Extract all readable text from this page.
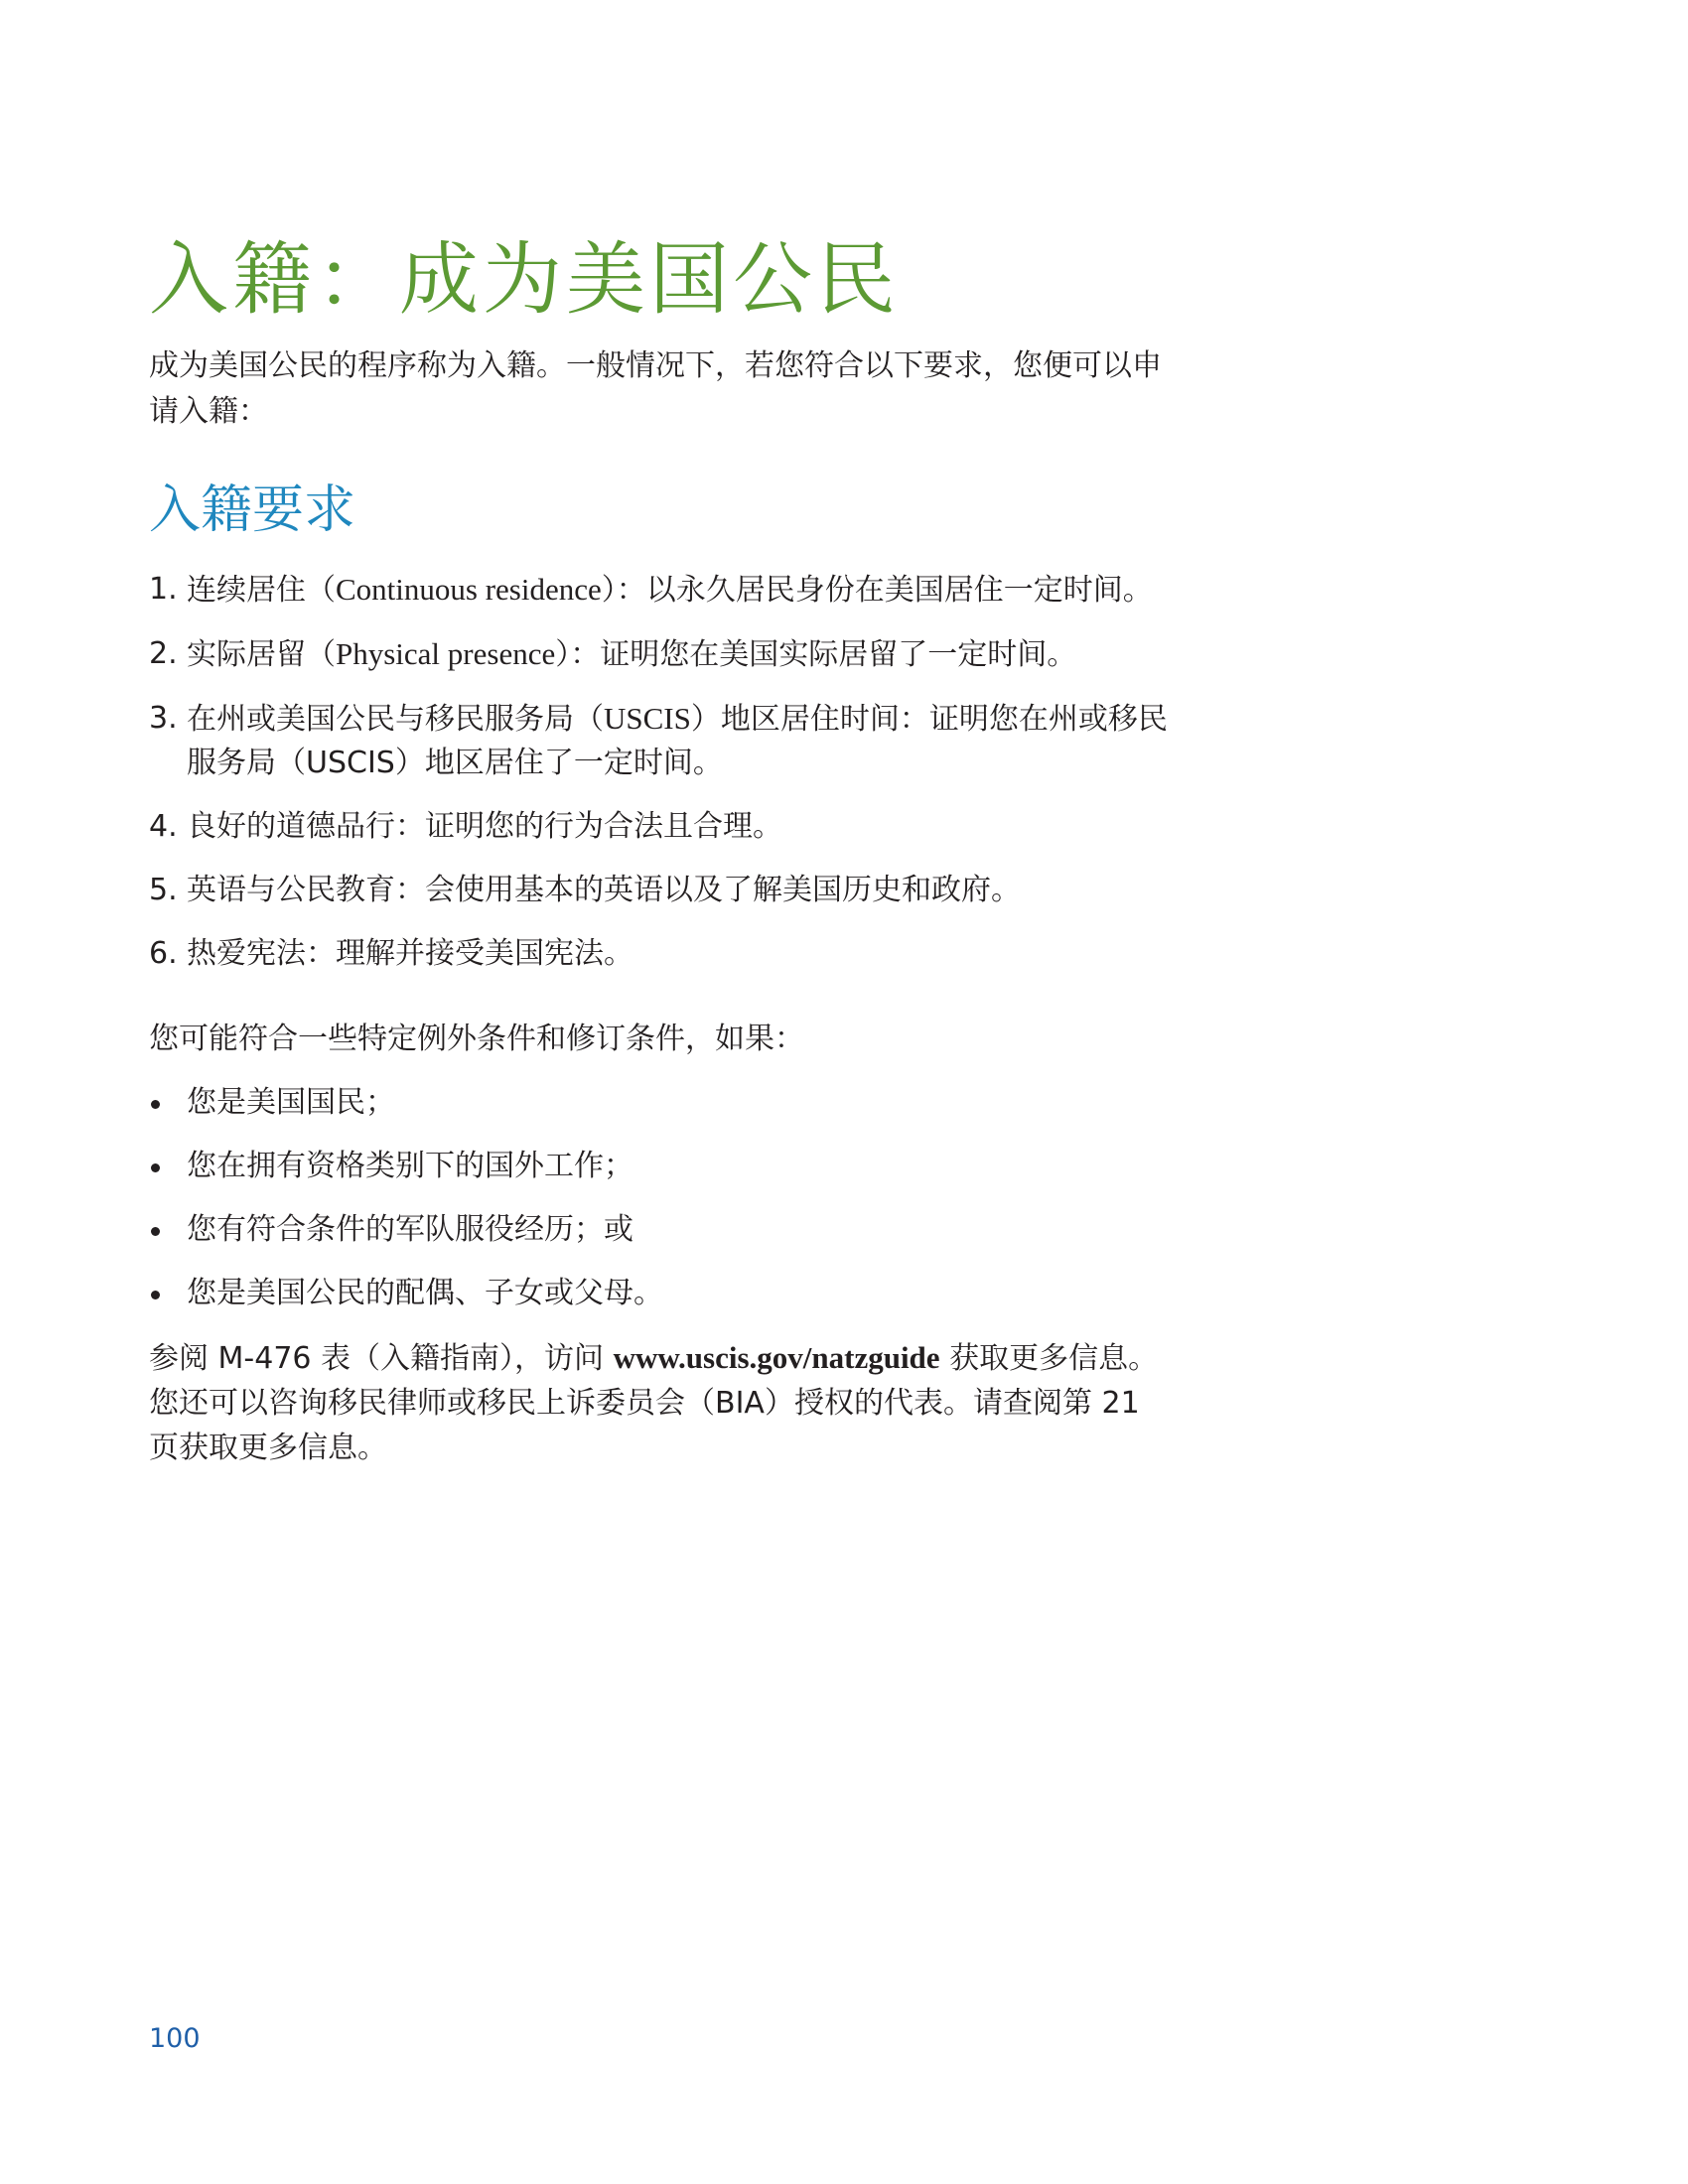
入籍：成为美国公民

成为美国公民的程序称为入籍。一般情况下，若您符合以下要求，您便可以申请入籍：

入籍要求
1. 连续居住（Continuous residence）：以永久居民身份在美国居住一定时间。
2. 实际居留（Physical presence）：证明您在美国实际居留了一定时间。
3. 在州或美国公民与移民服务局（USCIS）地区居住时间：证明您在州或移民服务局（USCIS）地区居住了一定时间。
4. 良好的道德品行：证明您的行为合法且合理。
5. 英语与公民教育：会使用基本的英语以及了解美国历史和政府。
6. 热爱宪法：理解并接受美国宪法。

您可能符合一些特定例外条件和修订条件，如果：

您是美国国民；
您在拥有资格类别下的国外工作；
您有符合条件的军队服役经历；或
您是美国公民的配偶、子女或父母。

参阅 M-476 表（入籍指南），访问 www.uscis.gov/natzguide 获取更多信息。您还可以咨询移民律师或移民上诉委员会（BIA）授权的代表。请查阅第 21 页获取更多信息。

100
